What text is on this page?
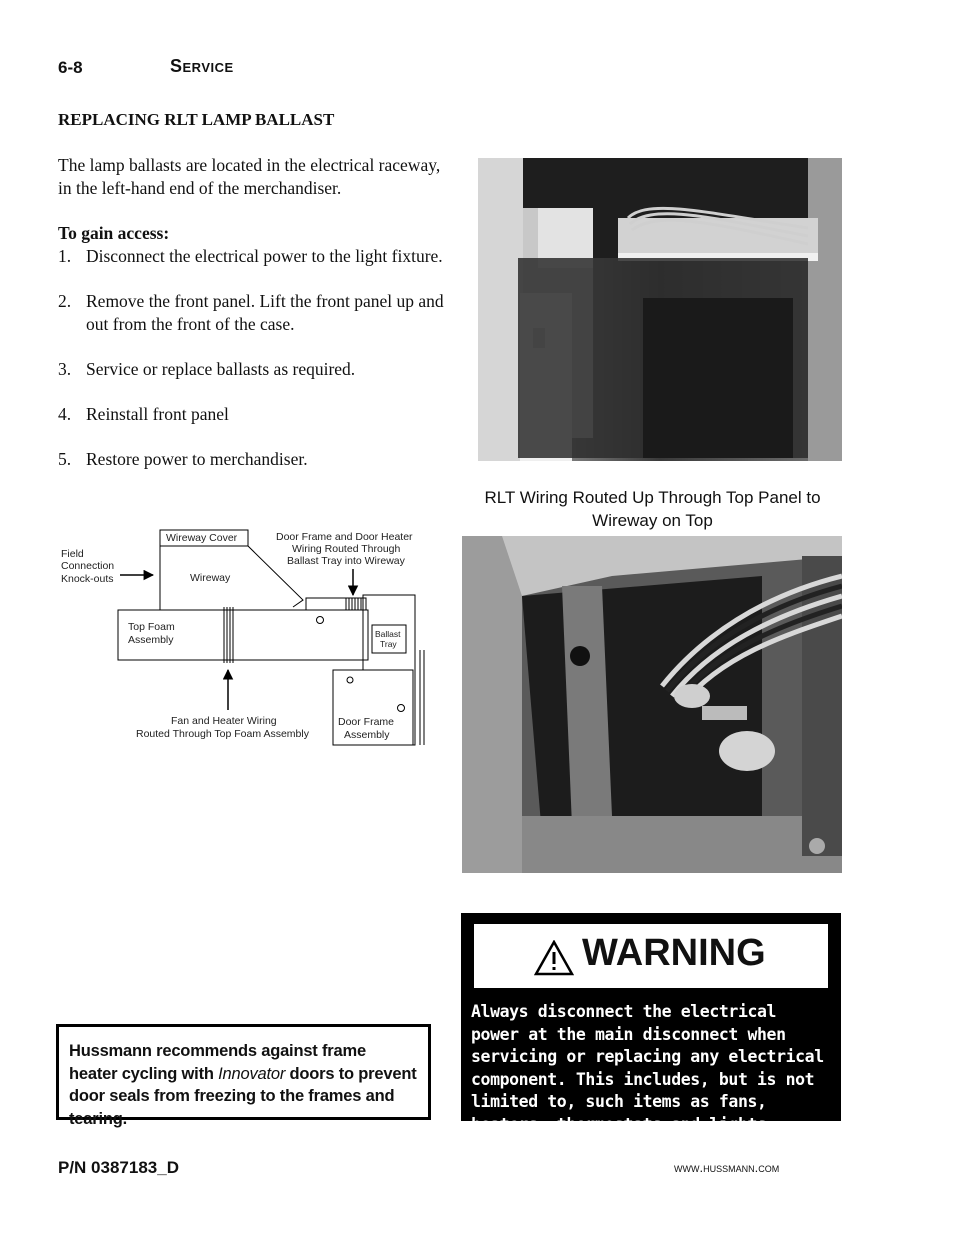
6-8	Service
REPLACING RLT LAMP BALLAST
The lamp ballasts are located in the electrical raceway, in the left-hand end of the merchandiser.
To gain access:
1. Disconnect the electrical power to the light fixture.
2. Remove the front panel. Lift the front panel up and out from the front of the case.
3. Service or replace ballasts as required.
4. Reinstall front panel
5. Restore power to merchandiser.
RLT Wiring Routed Up Through Top Panel to Wireway on Top
Wireway Cover
Wireway
Top Foam
Assembly	Ballast
Tray
Door Frame
Assembly
Field
Connection
Knock-outs
Door Frame and Door Heater
Wiring Routed Through
Ballast Tray into Wireway
Fan and Heater Wiring
Routed Through Top Foam Assembly
Hussmann recommends against frame heater cycling with Innovator doors to prevent door seals from freezing to the frames and tearing.
WARNING
Always disconnect the electrical power at the main disconnect when servicing or replacing any electrical component. This includes, but is not limited to, such items as fans, heaters, thermostats and lights.
P/N 0387183_D	www.hussmann.com
